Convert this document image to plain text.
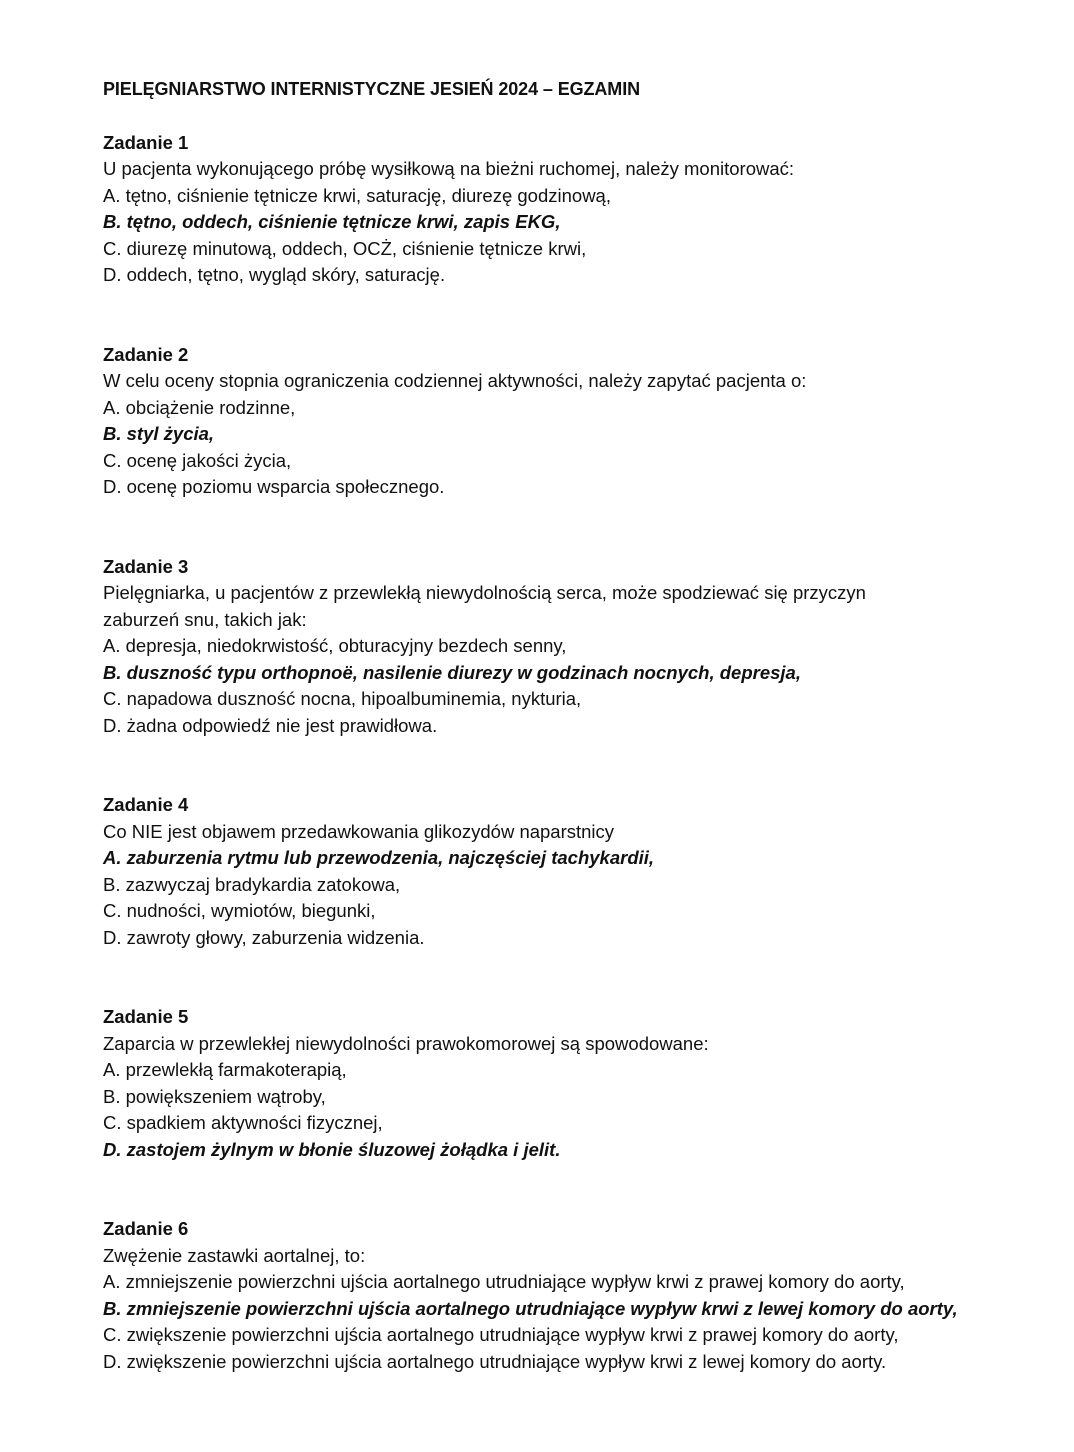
PIELĘGNIARSTWO INTERNISTYCZNE JESIEŃ 2024 – EGZAMIN

Zadanie 1

U pacjenta wykonującego próbę wysiłkową na bieżni ruchomej, należy monitorować:

A. tętno, ciśnienie tętnicze krwi, saturację, diurezę godzinową,

B. tętno, oddech, ciśnienie tętnicze krwi, zapis EKG,

C. diurezę minutową, oddech, OCŻ, ciśnienie tętnicze krwi,

D. oddech, tętno, wygląd skóry, saturację.

Zadanie 2

W celu oceny stopnia ograniczenia codziennej aktywności, należy zapytać pacjenta o:

A. obciążenie rodzinne,

B. styl życia,

C. ocenę jakości życia,

D. ocenę poziomu wsparcia społecznego.

Zadanie 3

Pielęgniarka, u pacjentów z przewlekłą niewydolnością serca, może spodziewać się przyczyn zaburzeń snu, takich jak:

A. depresja, niedokrwistość, obturacyjny bezdech senny,

B. duszność typu orthopnoë, nasilenie diurezy w godzinach nocnych, depresja,

C. napadowa duszność nocna, hipoalbuminemia, nykturia,

D. żadna odpowiedź nie jest prawidłowa.

Zadanie 4

Co NIE jest objawem przedawkowania glikozydów naparstnicy

A. zaburzenia rytmu lub przewodzenia, najczęściej tachykardii,

B. zazwyczaj bradykardia zatokowa,

C. nudności, wymiotów, biegunki,

D. zawroty głowy, zaburzenia widzenia.

Zadanie 5

Zaparcia w przewlekłej niewydolności prawokomorowej są spowodowane:

A. przewlekłą farmakoterapią,

B. powiększeniem wątroby,

C. spadkiem aktywności fizycznej,

D. zastojem żylnym w błonie śluzowej żołądka i jelit.

Zadanie 6

Zwężenie zastawki aortalnej, to:

A. zmniejszenie powierzchni ujścia aortalnego utrudniające wypływ krwi z prawej komory do aorty,

B. zmniejszenie powierzchni ujścia aortalnego utrudniające wypływ krwi z lewej komory do aorty,

C. zwiększenie powierzchni ujścia aortalnego utrudniające wypływ krwi z prawej komory do aorty,

D. zwiększenie powierzchni ujścia aortalnego utrudniające wypływ krwi z lewej komory do aorty.
